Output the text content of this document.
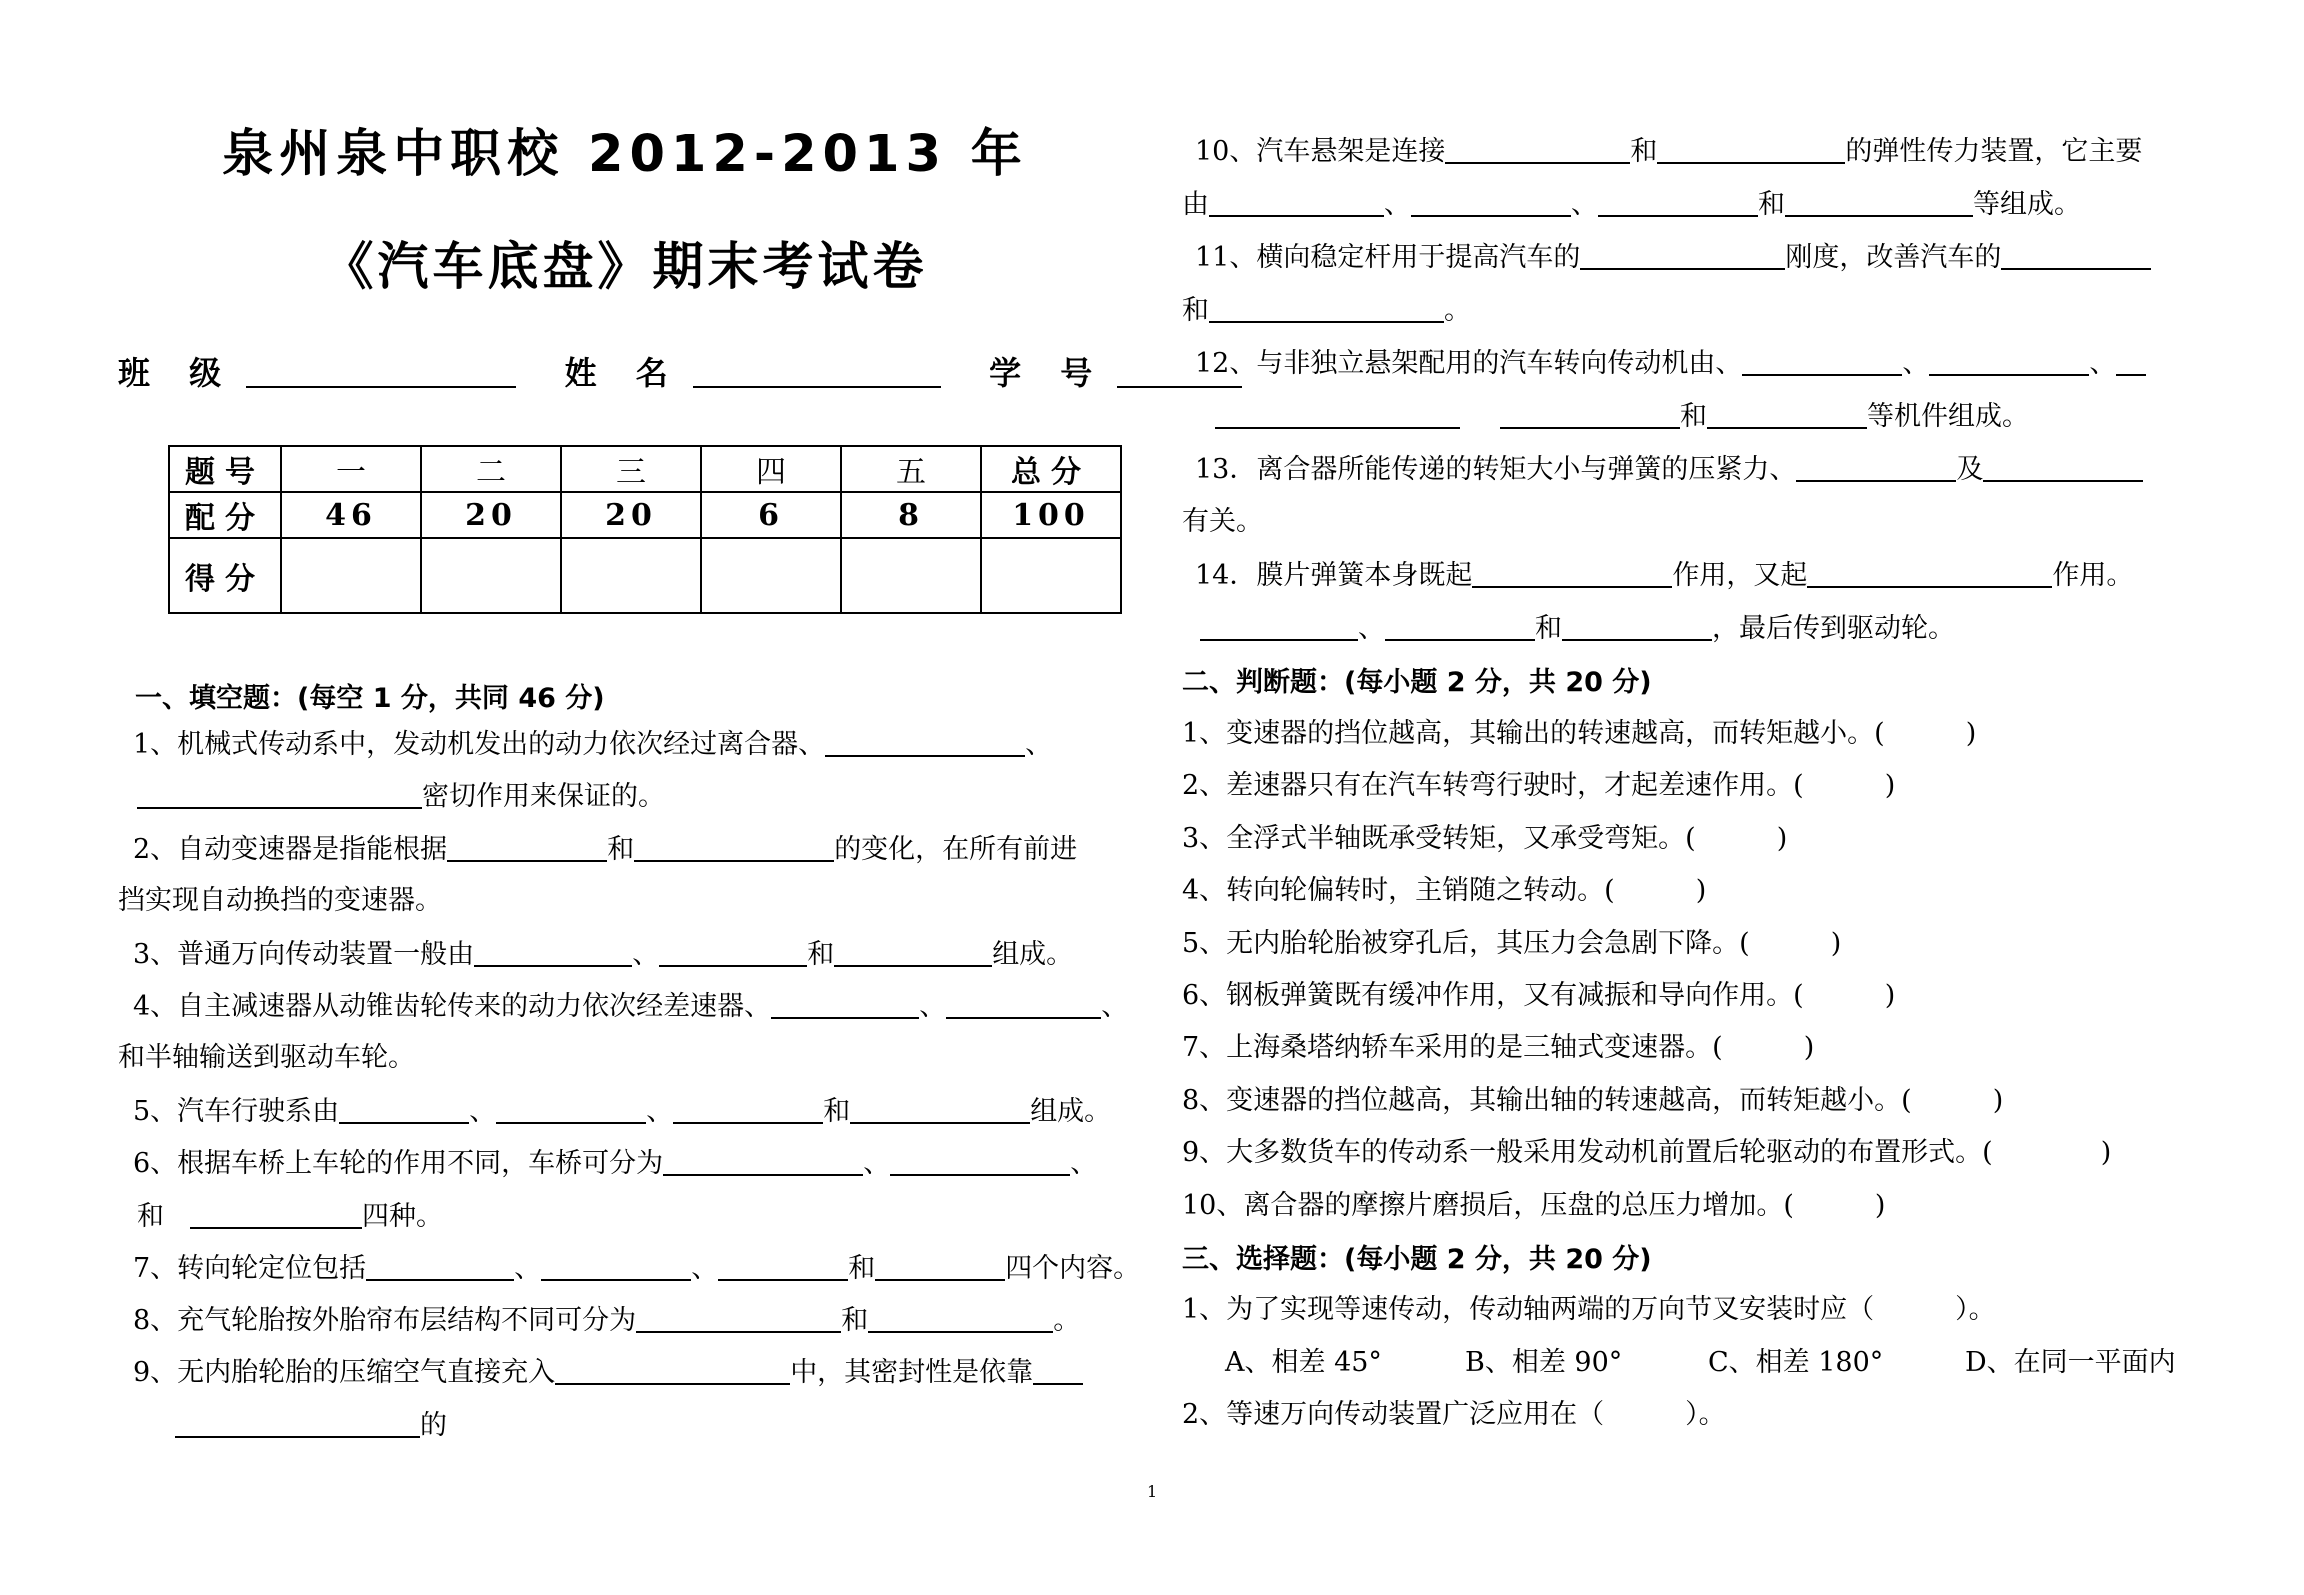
泉州泉中职校 2012-2013 年
《汽车底盘》期末考试卷
班 级	姓 名	学 号
题号	一	二	三	四	五	总分
配分	46	20	20	6	8	100
得分						
一、填空题：(每空 1 分，共同 46 分)
1、机械式传动系中，发动机发出的动力依次经过离合器、	、
密切作用来保证的。
2、自动变速器是指能根据	和	的变化，在所有前进
挡实现自动换挡的变速器。
3、普通万向传动装置一般由	、	和	组成。
4、自主减速器从动锥齿轮传来的动力依次经差速器、	、	、
和半轴输送到驱动车轮。
5、汽车行驶系由	、	、	和	组成。
6、根据车桥上车轮的作用不同，车桥可分为	、	、
和	四种。
7、转向轮定位包括	、	、	和	四个内容。
8、充气轮胎按外胎帘布层结构不同可分为	和	。
9、无内胎轮胎的压缩空气直接充入	中，其密封性是依靠
的
10、汽车悬架是连接	和	的弹性传力装置，它主要
由	、	、	和	等组成。
11、横向稳定杆用于提高汽车的	刚度，改善汽车的
和	。
12、与非独立悬架配用的汽车转向传动机由、	、	、
和	等机件组成。
13．离合器所能传递的转矩大小与弹簧的压紧力、	及
有关。
14．膜片弹簧本身既起	作用，又起	作用。
、	和	，最后传到驱动轮。
二、判断题：(每小题 2 分，共 20 分)
1、变速器的挡位越高，其输出的转速越高，而转矩越小。(　　　)
2、差速器只有在汽车转弯行驶时，才起差速作用。(　　　)
3、全浮式半轴既承受转矩，又承受弯矩。(　　　)
4、转向轮偏转时，主销随之转动。(　　　)
5、无内胎轮胎被穿孔后，其压力会急剧下降。(　　　)
6、钢板弹簧既有缓冲作用，又有减振和导向作用。(　　　)
7、上海桑塔纳轿车采用的是三轴式变速器。(　　　)
8、变速器的挡位越高，其输出轴的转速越高，而转矩越小。(　　　)
9、大多数货车的传动系一般采用发动机前置后轮驱动的布置形式。(　　　　)
10、离合器的摩擦片磨损后，压盘的总压力增加。(　　　)
三、选择题：(每小题 2 分，共 20 分)
1、为了实现等速传动，传动轴两端的万向节叉安装时应（　　　）。
A、相差 45°	B、相差 90°	C、相差 180°	D、在同一平面内
2、等速万向传动装置广泛应用在（　　　）。
1
